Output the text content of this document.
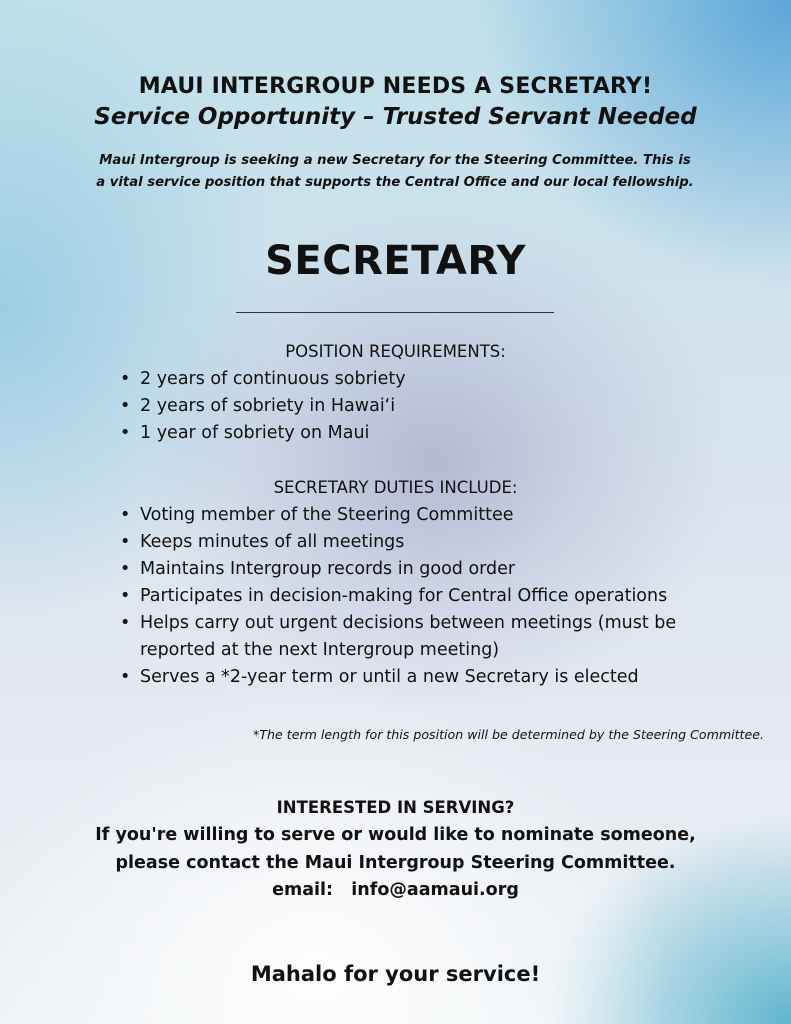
MAUI INTERGROUP NEEDS A SECRETARY!
Service Opportunity – Trusted Servant Needed
Maui Intergroup is seeking a new Secretary for the Steering Committee. This is a vital service position that supports the Central Office and our local fellowship.
SECRETARY
POSITION REQUIREMENTS:
• 2 years of continuous sobriety
• 2 years of sobriety in Hawai‘i
• 1 year of sobriety on Maui
SECRETARY DUTIES INCLUDE:
• Voting member of the Steering Committee
• Keeps minutes of all meetings
• Maintains Intergroup records in good order
• Participates in decision-making for Central Office operations
• Helps carry out urgent decisions between meetings (must be reported at the next Intergroup meeting)
• Serves a *2-year term or until a new Secretary is elected
*The term length for this position will be determined by the Steering Committee.
INTERESTED IN SERVING?
If you're willing to serve or would like to nominate someone,
please contact the Maui Intergroup Steering Committee.
email:   info@aamaui.org
Mahalo for your service!
